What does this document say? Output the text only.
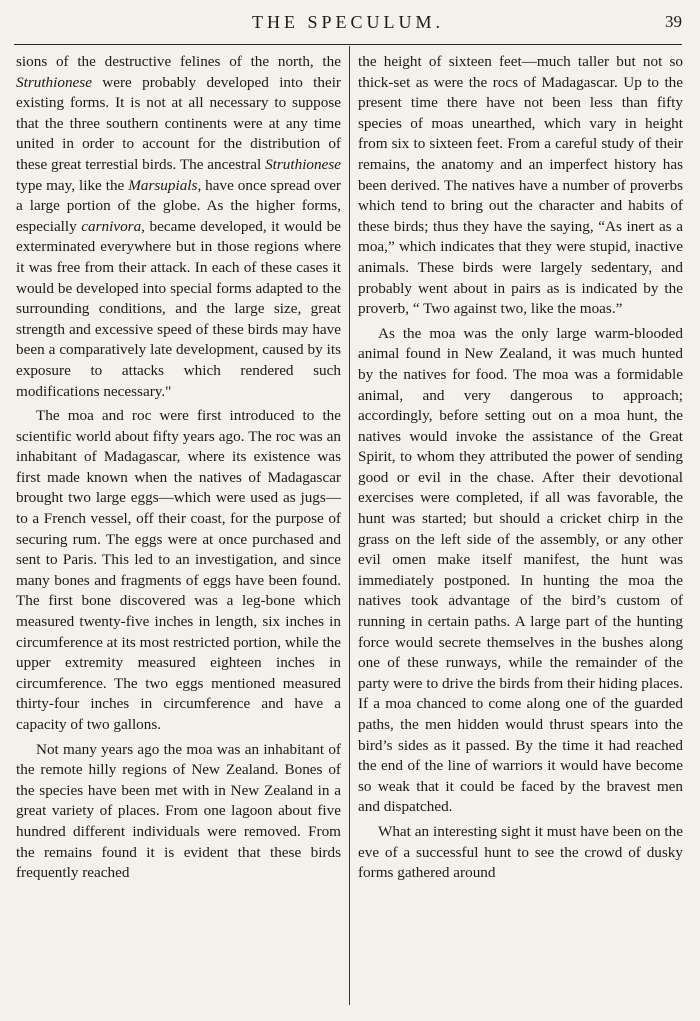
THE SPECULUM.	39

sions of the destructive felines of the north, the Struthionese were probably developed into their existing forms. It is not at all necessary to suppose that the three southern continents were at any time united in order to account for the distribution of these great terrestial birds. The ancestral Struthionese type may, like the Marsupials, have once spread over a large portion of the globe. As the higher forms, especially carnivora, became developed, it would be exterminated everywhere but in those regions where it was free from their attack. In each of these cases it would be developed into special forms adapted to the surrounding conditions, and the large size, great strength and excessive speed of these birds may have been a comparatively late development, caused by its exposure to attacks which rendered such modifications necessary."

The moa and roc were first introduced to the scientific world about fifty years ago. The roc was an inhabitant of Madagascar, where its existence was first made known when the natives of Madagascar brought two large eggs—which were used as jugs—to a French vessel, off their coast, for the purpose of securing rum. The eggs were at once purchased and sent to Paris. This led to an investigation, and since many bones and fragments of eggs have been found. The first bone discovered was a leg-bone which measured twenty-five inches in length, six inches in circumference at its most restricted portion, while the upper extremity measured eighteen inches in circumference. The two eggs mentioned measured thirty-four inches in circumference and have a capacity of two gallons.

Not many years ago the moa was an inhabitant of the remote hilly regions of New Zealand. Bones of the species have been met with in New Zealand in a great variety of places. From one lagoon about five hundred different individuals were removed. From the remains found it is evident that these birds frequently reached

the height of sixteen feet—much taller but not so thick-set as were the rocs of Madagascar. Up to the present time there have not been less than fifty species of moas unearthed, which vary in height from six to sixteen feet. From a careful study of their remains, the anatomy and an imperfect history has been derived. The natives have a number of proverbs which tend to bring out the character and habits of these birds; thus they have the saying, “As inert as a moa,” which indicates that they were stupid, inactive animals. These birds were largely sedentary, and probably went about in pairs as is indicated by the proverb, “ Two against two, like the moas.”

As the moa was the only large warm-blooded animal found in New Zealand, it was much hunted by the natives for food. The moa was a formidable animal, and very dangerous to approach; accordingly, before setting out on a moa hunt, the natives would invoke the assistance of the Great Spirit, to whom they attributed the power of sending good or evil in the chase. After their devotional exercises were completed, if all was favorable, the hunt was started; but should a cricket chirp in the grass on the left side of the assembly, or any other evil omen make itself manifest, the hunt was immediately postponed. In hunting the moa the natives took advantage of the bird’s custom of running in certain paths. A large part of the hunting force would secrete themselves in the bushes along one of these runways, while the remainder of the party were to drive the birds from their hiding places. If a moa chanced to come along one of the guarded paths, the men hidden would thrust spears into the bird’s sides as it passed. By the time it had reached the end of the line of warriors it would have become so weak that it could be faced by the bravest men and dispatched.

What an interesting sight it must have been on the eve of a successful hunt to see the crowd of dusky forms gathered around
